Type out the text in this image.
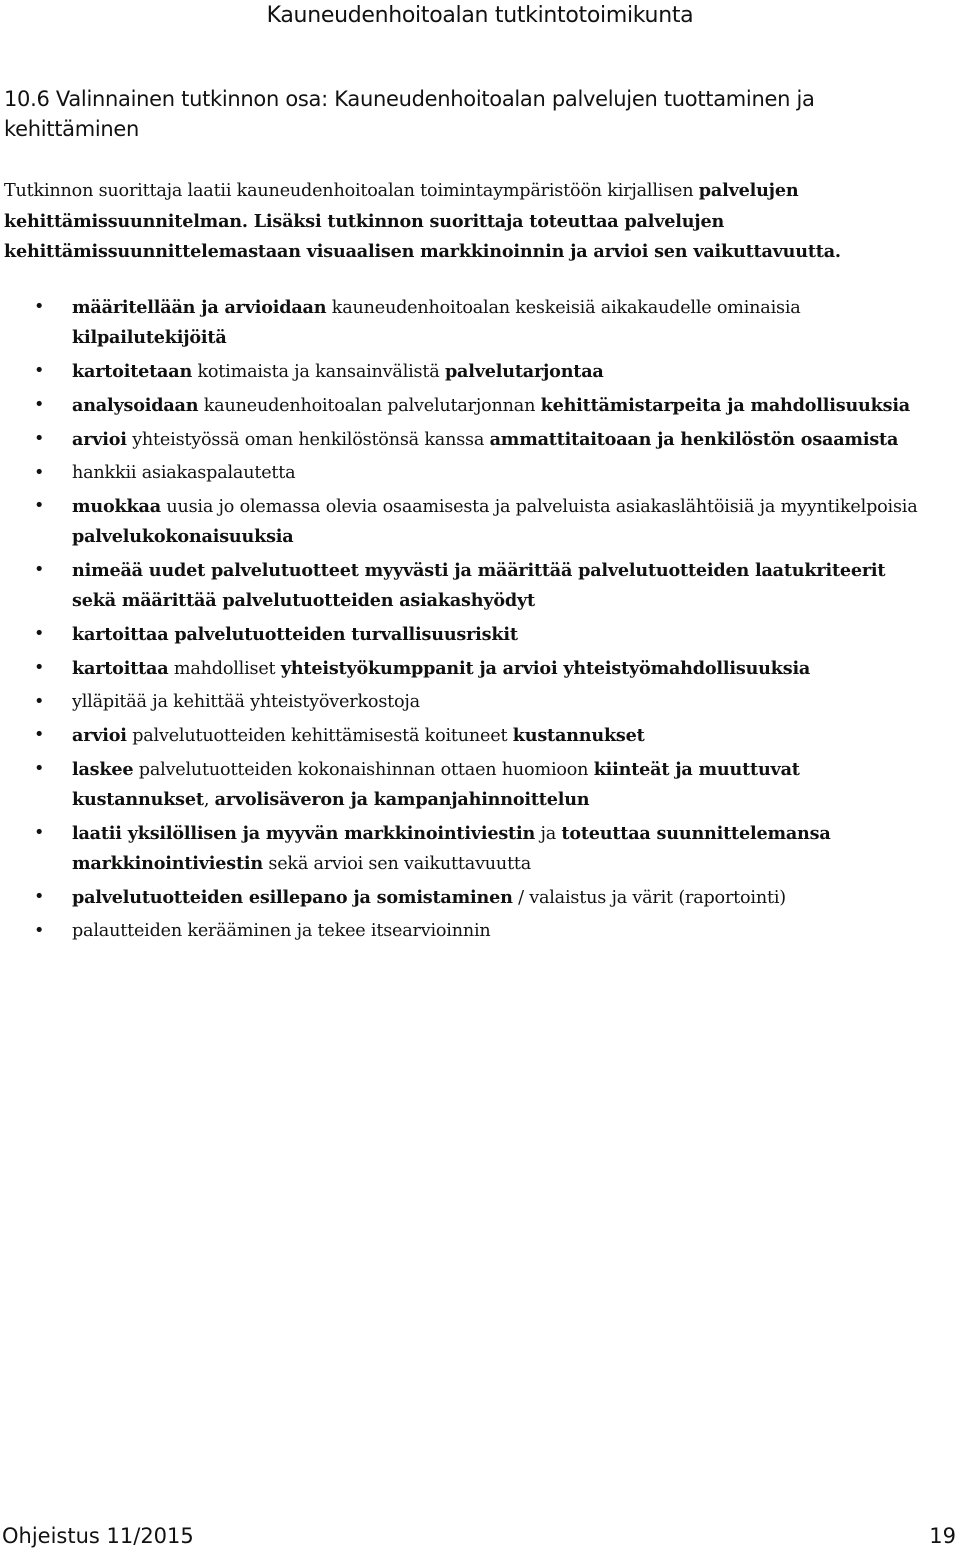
Kauneudenhoitoalan tutkintotoimikunta
10.6 Valinnainen tutkinnon osa: Kauneudenhoitoalan palvelujen tuottaminen ja kehittäminen
Tutkinnon suorittaja laatii kauneudenhoitoalan toimintaympäristöön kirjallisen palvelujen kehittämissuunnitelman. Lisäksi tutkinnon suorittaja toteuttaa palvelujen kehittämissuunnittelemastaan visuaalisen markkinoinnin ja arvioi sen vaikuttavuutta.
• määritellään ja arvioidaan kauneudenhoitoalan keskeisiä aikakaudelle ominaisia kilpailutekijöitä
• kartoitetaan kotimaista ja kansainvälistä palvelutarjontaa
• analysoidaan kauneudenhoitoalan palvelutarjonnan kehittämistarpeita ja mahdollisuuksia
• arvioi yhteistyössä oman henkilöstönsä kanssa ammattitaitoaan ja henkilöstön osaamista
• hankkii asiakaspalautetta
• muokkaa uusia jo olemassa olevia osaamisesta ja palveluista asiakaslähtöisiä ja myyntikelpoisia palvelukokonaisuuksia
• nimeää uudet palvelutuotteet myyvästi ja määrittää palvelutuotteiden laatukriteerit sekä määrittää palvelutuotteiden asiakashyödyt
• kartoittaa palvelutuotteiden turvallisuusriskit
• kartoittaa mahdolliset yhteistyökumppanit ja arvioi yhteistyömahdollisuuksia
• ylläpitää ja kehittää yhteistyöverkostoja
• arvioi palvelutuotteiden kehittämisestä koituneet kustannukset
• laskee palvelutuotteiden kokonaishinnan ottaen huomioon kiinteät ja muuttuvat kustannukset, arvolisäveron ja kampanjahinnoittelun
• laatii yksilöllisen ja myyvän markkinointiviestin ja toteuttaa suunnittelemansa markkinointiviestin sekä arvioi sen vaikuttavuutta
• palvelutuotteiden esillepano ja somistaminen / valaistus ja värit (raportointi)
• palautteiden kerääminen ja tekee itsearvioinnin
Ohjeistus 11/2015	19
